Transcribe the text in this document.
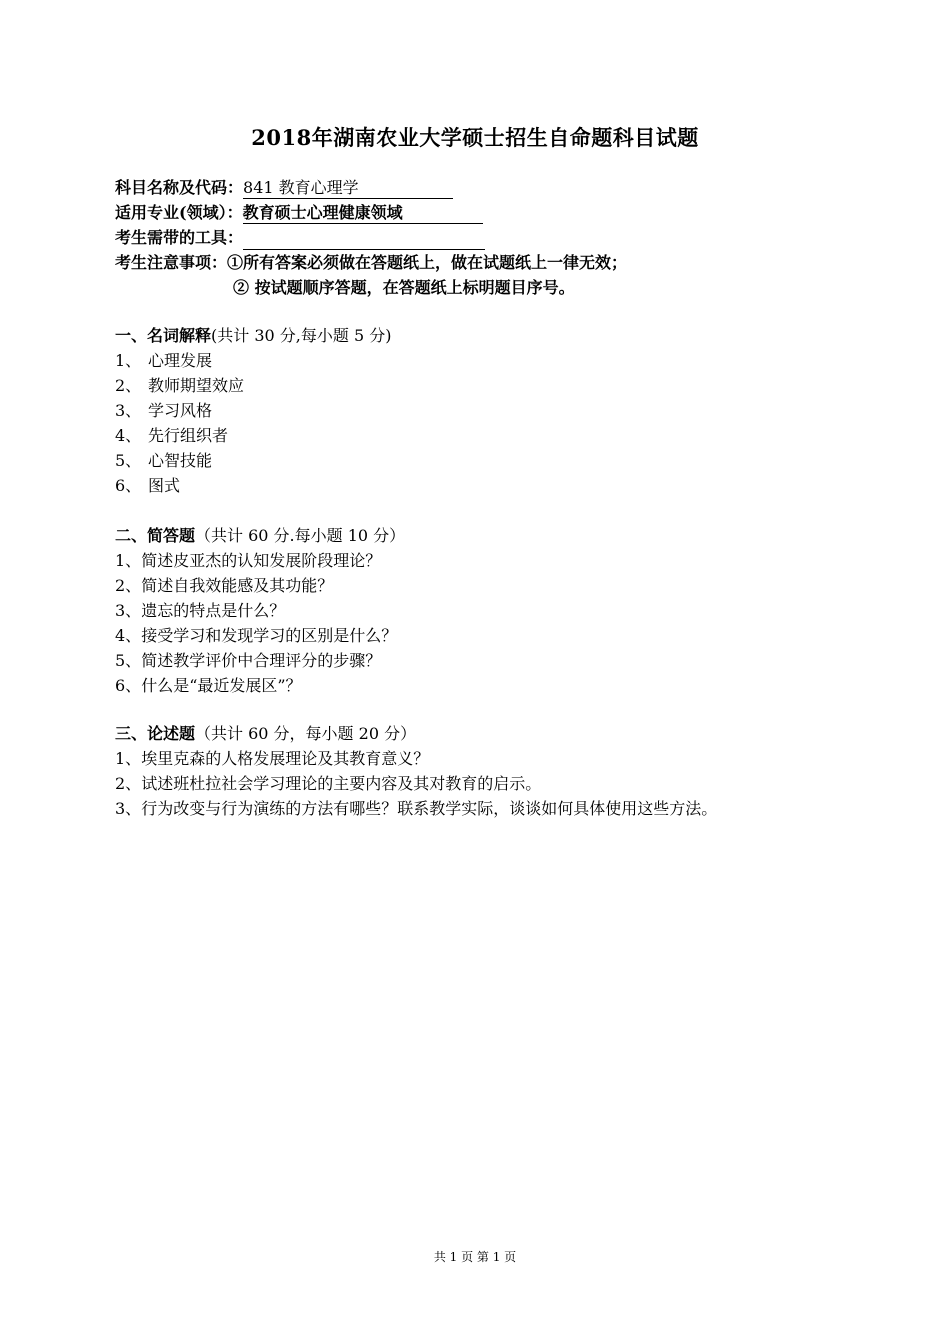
2018年湖南农业大学硕士招生自命题科目试题
科目名称及代码：841 教育心理学
适用专业(领域）：教育硕士心理健康领域
考生需带的工具：
考生注意事项：①所有答案必须做在答题纸上，做在试题纸上一律无效；
② 按试题顺序答题，在答题纸上标明题目序号。
一、名词解释(共计 30 分,每小题 5 分)
1、 心理发展
2、 教师期望效应
3、 学习风格
4、 先行组织者
5、 心智技能
6、 图式
二、简答题（共计 60 分.每小题 10 分）
1、简述皮亚杰的认知发展阶段理论？
2、简述自我效能感及其功能？
3、遗忘的特点是什么？
4、接受学习和发现学习的区别是什么？
5、简述教学评价中合理评分的步骤？
6、什么是“最近发展区”？
三、论述题（共计 60 分，每小题 20 分）
1、埃里克森的人格发展理论及其教育意义？
2、试述班杜拉社会学习理论的主要内容及其对教育的启示。
3、行为改变与行为演练的方法有哪些？联系教学实际，谈谈如何具体使用这些方法。
共 1 页 第 1 页
